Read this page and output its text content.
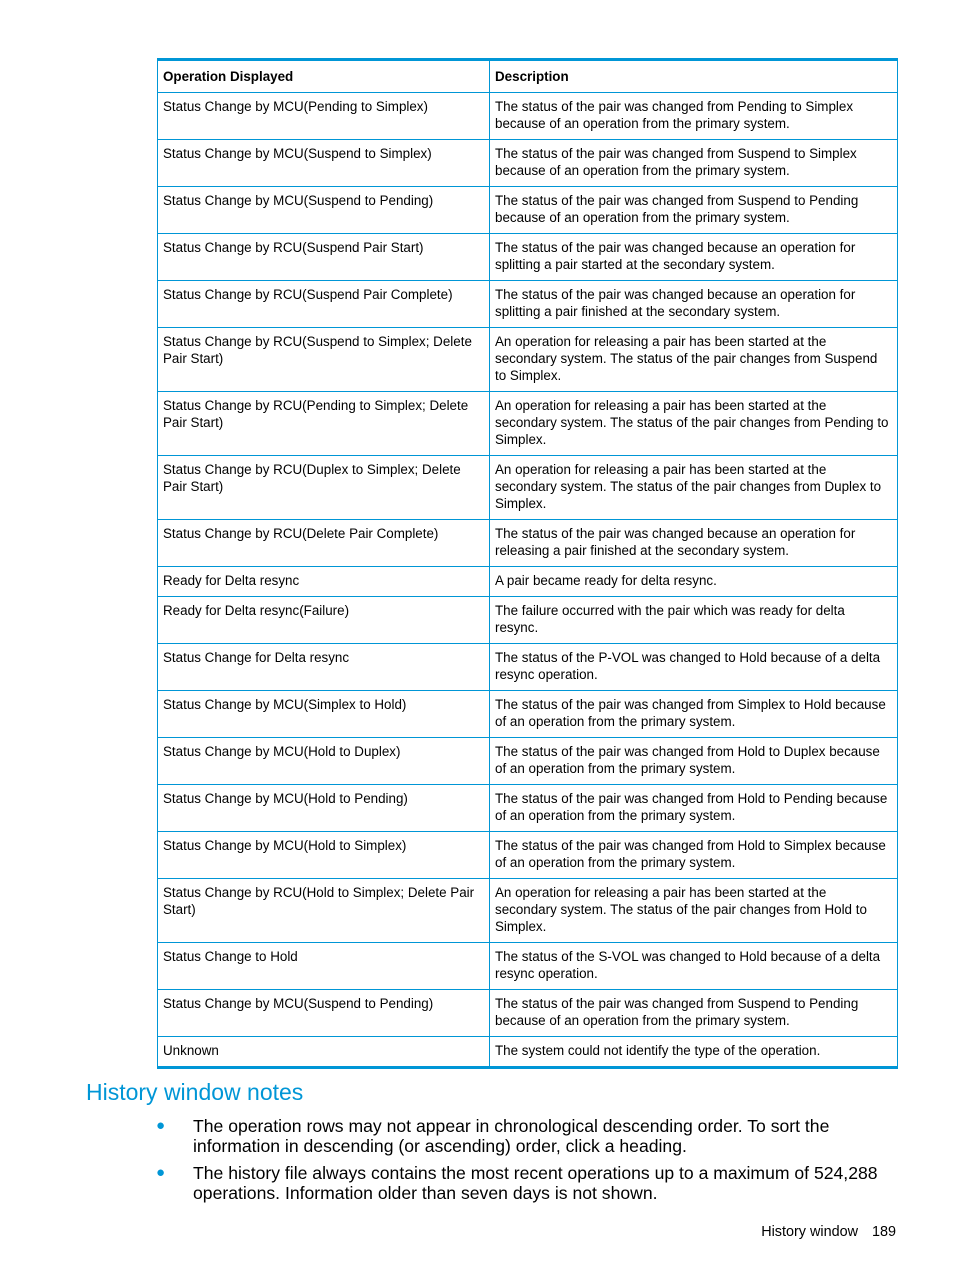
Operation Displayed	Description
Status Change by MCU(Pending to Simplex)	The status of the pair was changed from Pending to Simplex because of an operation from the primary system.
Status Change by MCU(Suspend to Simplex)	The status of the pair was changed from Suspend to Simplex because of an operation from the primary system.
Status Change by MCU(Suspend to Pending)	The status of the pair was changed from Suspend to Pending because of an operation from the primary system.
Status Change by RCU(Suspend Pair Start)	The status of the pair was changed because an operation for splitting a pair started at the secondary system.
Status Change by RCU(Suspend Pair Complete)	The status of the pair was changed because an operation for splitting a pair finished at the secondary system.
Status Change by RCU(Suspend to Simplex; Delete Pair Start)	An operation for releasing a pair has been started at the secondary system. The status of the pair changes from Suspend to Simplex.
Status Change by RCU(Pending to Simplex; Delete Pair Start)	An operation for releasing a pair has been started at the secondary system. The status of the pair changes from Pending to Simplex.
Status Change by RCU(Duplex to Simplex; Delete Pair Start)	An operation for releasing a pair has been started at the secondary system. The status of the pair changes from Duplex to Simplex.
Status Change by RCU(Delete Pair Complete)	The status of the pair was changed because an operation for releasing a pair finished at the secondary system.
Ready for Delta resync	A pair became ready for delta resync.
Ready for Delta resync(Failure)	The failure occurred with the pair which was ready for delta resync.
Status Change for Delta resync	The status of the P-VOL was changed to Hold because of a delta resync operation.
Status Change by MCU(Simplex to Hold)	The status of the pair was changed from Simplex to Hold because of an operation from the primary system.
Status Change by MCU(Hold to Duplex)	The status of the pair was changed from Hold to Duplex because of an operation from the primary system.
Status Change by MCU(Hold to Pending)	The status of the pair was changed from Hold to Pending because of an operation from the primary system.
Status Change by MCU(Hold to Simplex)	The status of the pair was changed from Hold to Simplex because of an operation from the primary system.
Status Change by RCU(Hold to Simplex; Delete Pair Start)	An operation for releasing a pair has been started at the secondary system. The status of the pair changes from Hold to Simplex.
Status Change to Hold	The status of the S-VOL was changed to Hold because of a delta resync operation.
Status Change by MCU(Suspend to Pending)	The status of the pair was changed from Suspend to Pending because of an operation from the primary system.
Unknown	The system could not identify the type of the operation.
History window notes
● The operation rows may not appear in chronological descending order. To sort the information in descending (or ascending) order, click a heading.
● The history file always contains the most recent operations up to a maximum of 524,288 operations. Information older than seven days is not shown.
History window 189
